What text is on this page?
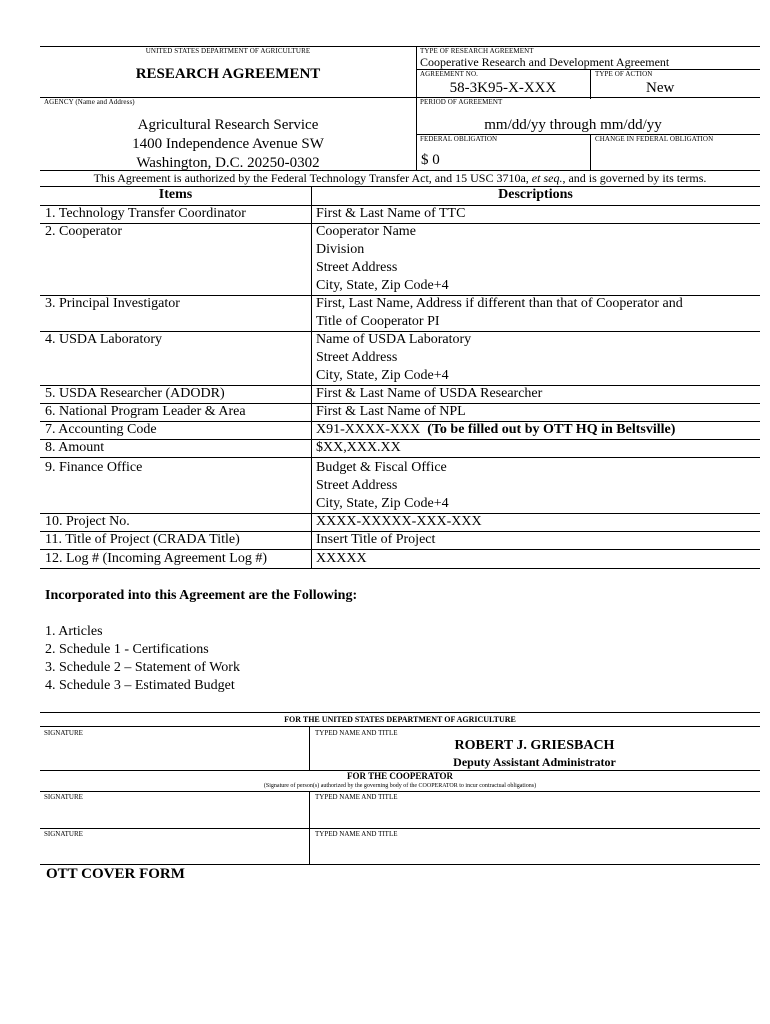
UNITED STATES DEPARTMENT OF AGRICULTURE
RESEARCH AGREEMENT
TYPE OF RESEARCH AGREEMENT
Cooperative Research and Development Agreement
AGREEMENT NO.
58-3K95-X-XXX
TYPE OF ACTION
New
AGENCY (Name and Address)	PERIOD OF AGREEMENT
mm/dd/yy through mm/dd/yy
Agricultural Research Service
1400 Independence Avenue SW
Washington, D.C. 20250-0302
FEDERAL OBLIGATION
$ 0
CHANGE IN FEDERAL OBLIGATION
This Agreement is authorized by the Federal Technology Transfer Act, and 15 USC 3710a, et seq., and is governed by its terms.
Items	Descriptions
1. Technology Transfer Coordinator	First & Last Name of TTC
2. Cooperator	Cooperator Name
Division
Street Address
City, State, Zip Code+4
3. Principal Investigator	First, Last Name, Address if different than that of Cooperator and
Title of Cooperator PI
4. USDA Laboratory	Name of USDA Laboratory
Street Address
City, State, Zip Code+4
5. USDA Researcher (ADODR)	First & Last Name of USDA Researcher
6. National Program Leader & Area	First & Last Name of NPL
7. Accounting Code	X91-XXXX-XXX (To be filled out by OTT HQ in Beltsville)
8. Amount	$XX,XXX.XX
9. Finance Office	Budget & Fiscal Office
Street Address
City, State, Zip Code+4
10. Project No.	XXXX-XXXXX-XXX-XXX
11. Title of Project (CRADA Title)	Insert Title of Project
12. Log # (Incoming Agreement Log #)	XXXXX
Incorporated into this Agreement are the Following:
1. Articles
2. Schedule 1 - Certifications
3. Schedule 2 – Statement of Work
4. Schedule 3 – Estimated Budget
FOR THE UNITED STATES DEPARTMENT OF AGRICULTURE
SIGNATURE	TYPED NAME AND TITLE
ROBERT J. GRIESBACH
Deputy Assistant Administrator
FOR THE COOPERATOR
(Signature of person(s) authorized by the governing body of the COOPERATOR to incur contractual obligations)
SIGNATURE	TYPED NAME AND TITLE
SIGNATURE	TYPED NAME AND TITLE
OTT COVER FORM
